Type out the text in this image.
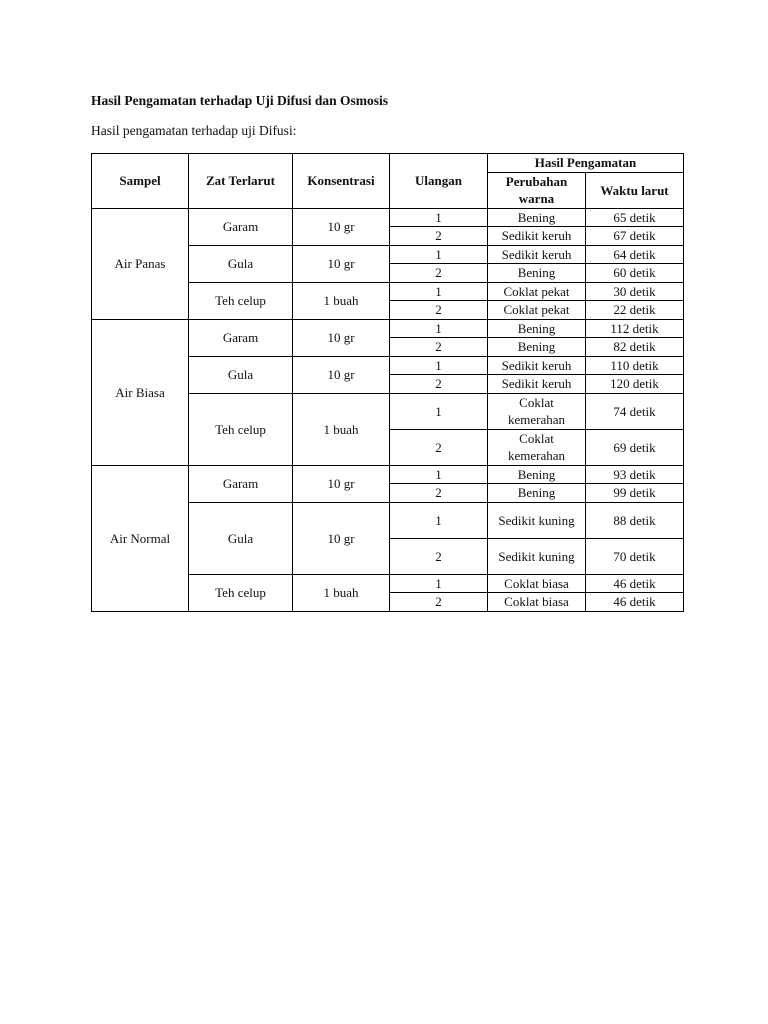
Hasil Pengamatan terhadap Uji Difusi dan Osmosis
Hasil pengamatan terhadap uji Difusi:
Sampel	Zat Terlarut	Konsentrasi	Ulangan	Hasil Pengamatan	
				Perubahan warna	Waktu larut
Air Panas	Garam	10 gr	1	Bening	65 detik
			2	Sedikit keruh	67 detik
	Gula	10 gr	1	Sedikit keruh	64 detik
			2	Bening	60 detik
	Teh celup	1 buah	1	Coklat pekat	30 detik
			2	Coklat pekat	22 detik
Air Biasa	Garam	10 gr	1	Bening	112 detik
			2	Bening	82 detik
	Gula	10 gr	1	Sedikit keruh	110 detik
			2	Sedikit keruh	120 detik
	Teh celup	1 buah	1	Coklat kemerahan	74 detik
			2	Coklat kemerahan	69 detik
Air Normal	Garam	10 gr	1	Bening	93 detik
			2	Bening	99 detik
	Gula	10 gr	1	Sedikit kuning	88 detik
			2	Sedikit kuning	70 detik
	Teh celup	1 buah	1	Coklat biasa	46 detik
			2	Coklat biasa	46 detik
